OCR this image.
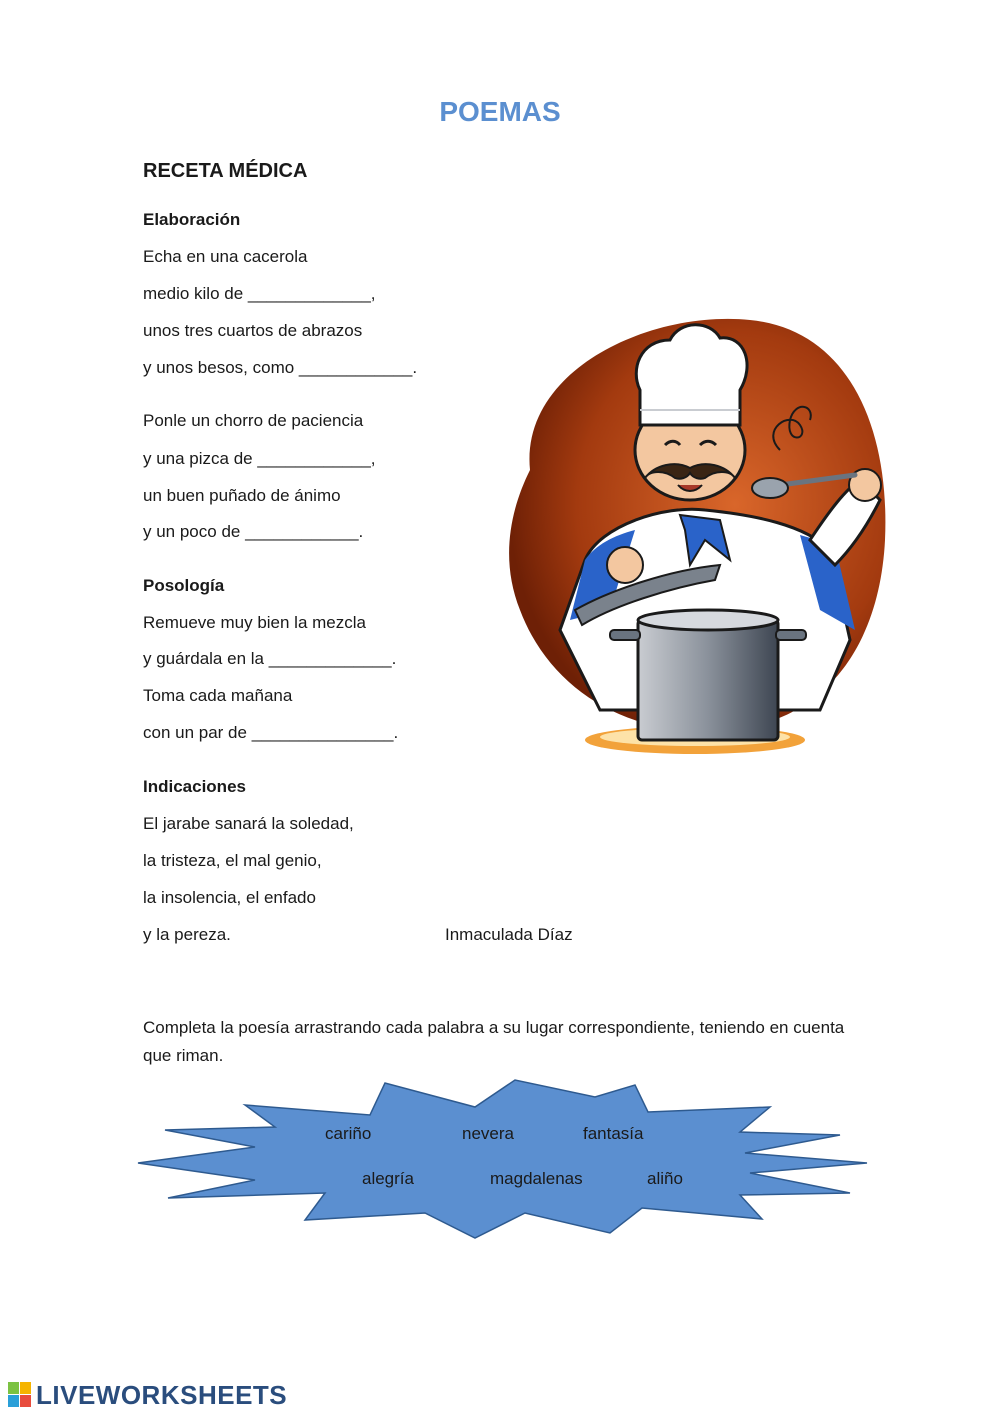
POEMAS
RECETA MÉDICA
Elaboración
Echa en una cacerola
medio kilo de _____________,
unos tres cuartos de abrazos
y unos besos, como ____________.
Ponle un chorro de paciencia
y una pizca de ____________,
un buen puñado de ánimo
y un poco de ____________.
Posología
Remueve muy bien la mezcla
y guárdala en la _____________.
Toma cada mañana
con un par de _______________.
Indicaciones
El jarabe sanará la soledad,
la tristeza, el mal genio,
la insolencia, el enfado
y la pereza.	Inmaculada Díaz
Completa la poesía arrastrando cada palabra a su lugar correspondiente, teniendo en cuenta que riman.
cariño	nevera	fantasía
alegría	magdalenas	aliño
LIVEWORKSHEETS
